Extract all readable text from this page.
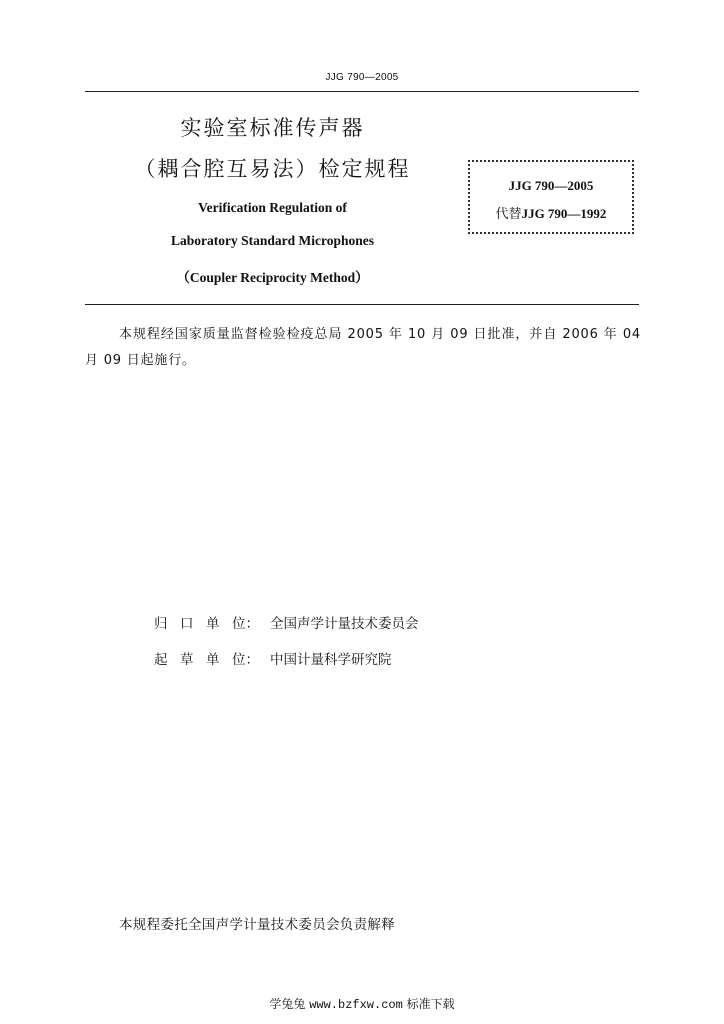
JJG 790—2005
实验室标准传声器
（耦合腔互易法）检定规程
Verification Regulation of
Laboratory Standard Microphones
（Coupler Reciprocity Method）
JJG 790—2005
代替JJG 790—1992
本规程经国家质量监督检验检疫总局 2005 年 10 月 09 日批准，并自 2006 年 04 月 09 日起施行。
归 口 单 位： 全国声学计量技术委员会
起 草 单 位： 中国计量科学研究院
本规程委托全国声学计量技术委员会负责解释
学兔兔 www.bzfxw.com 标准下载
